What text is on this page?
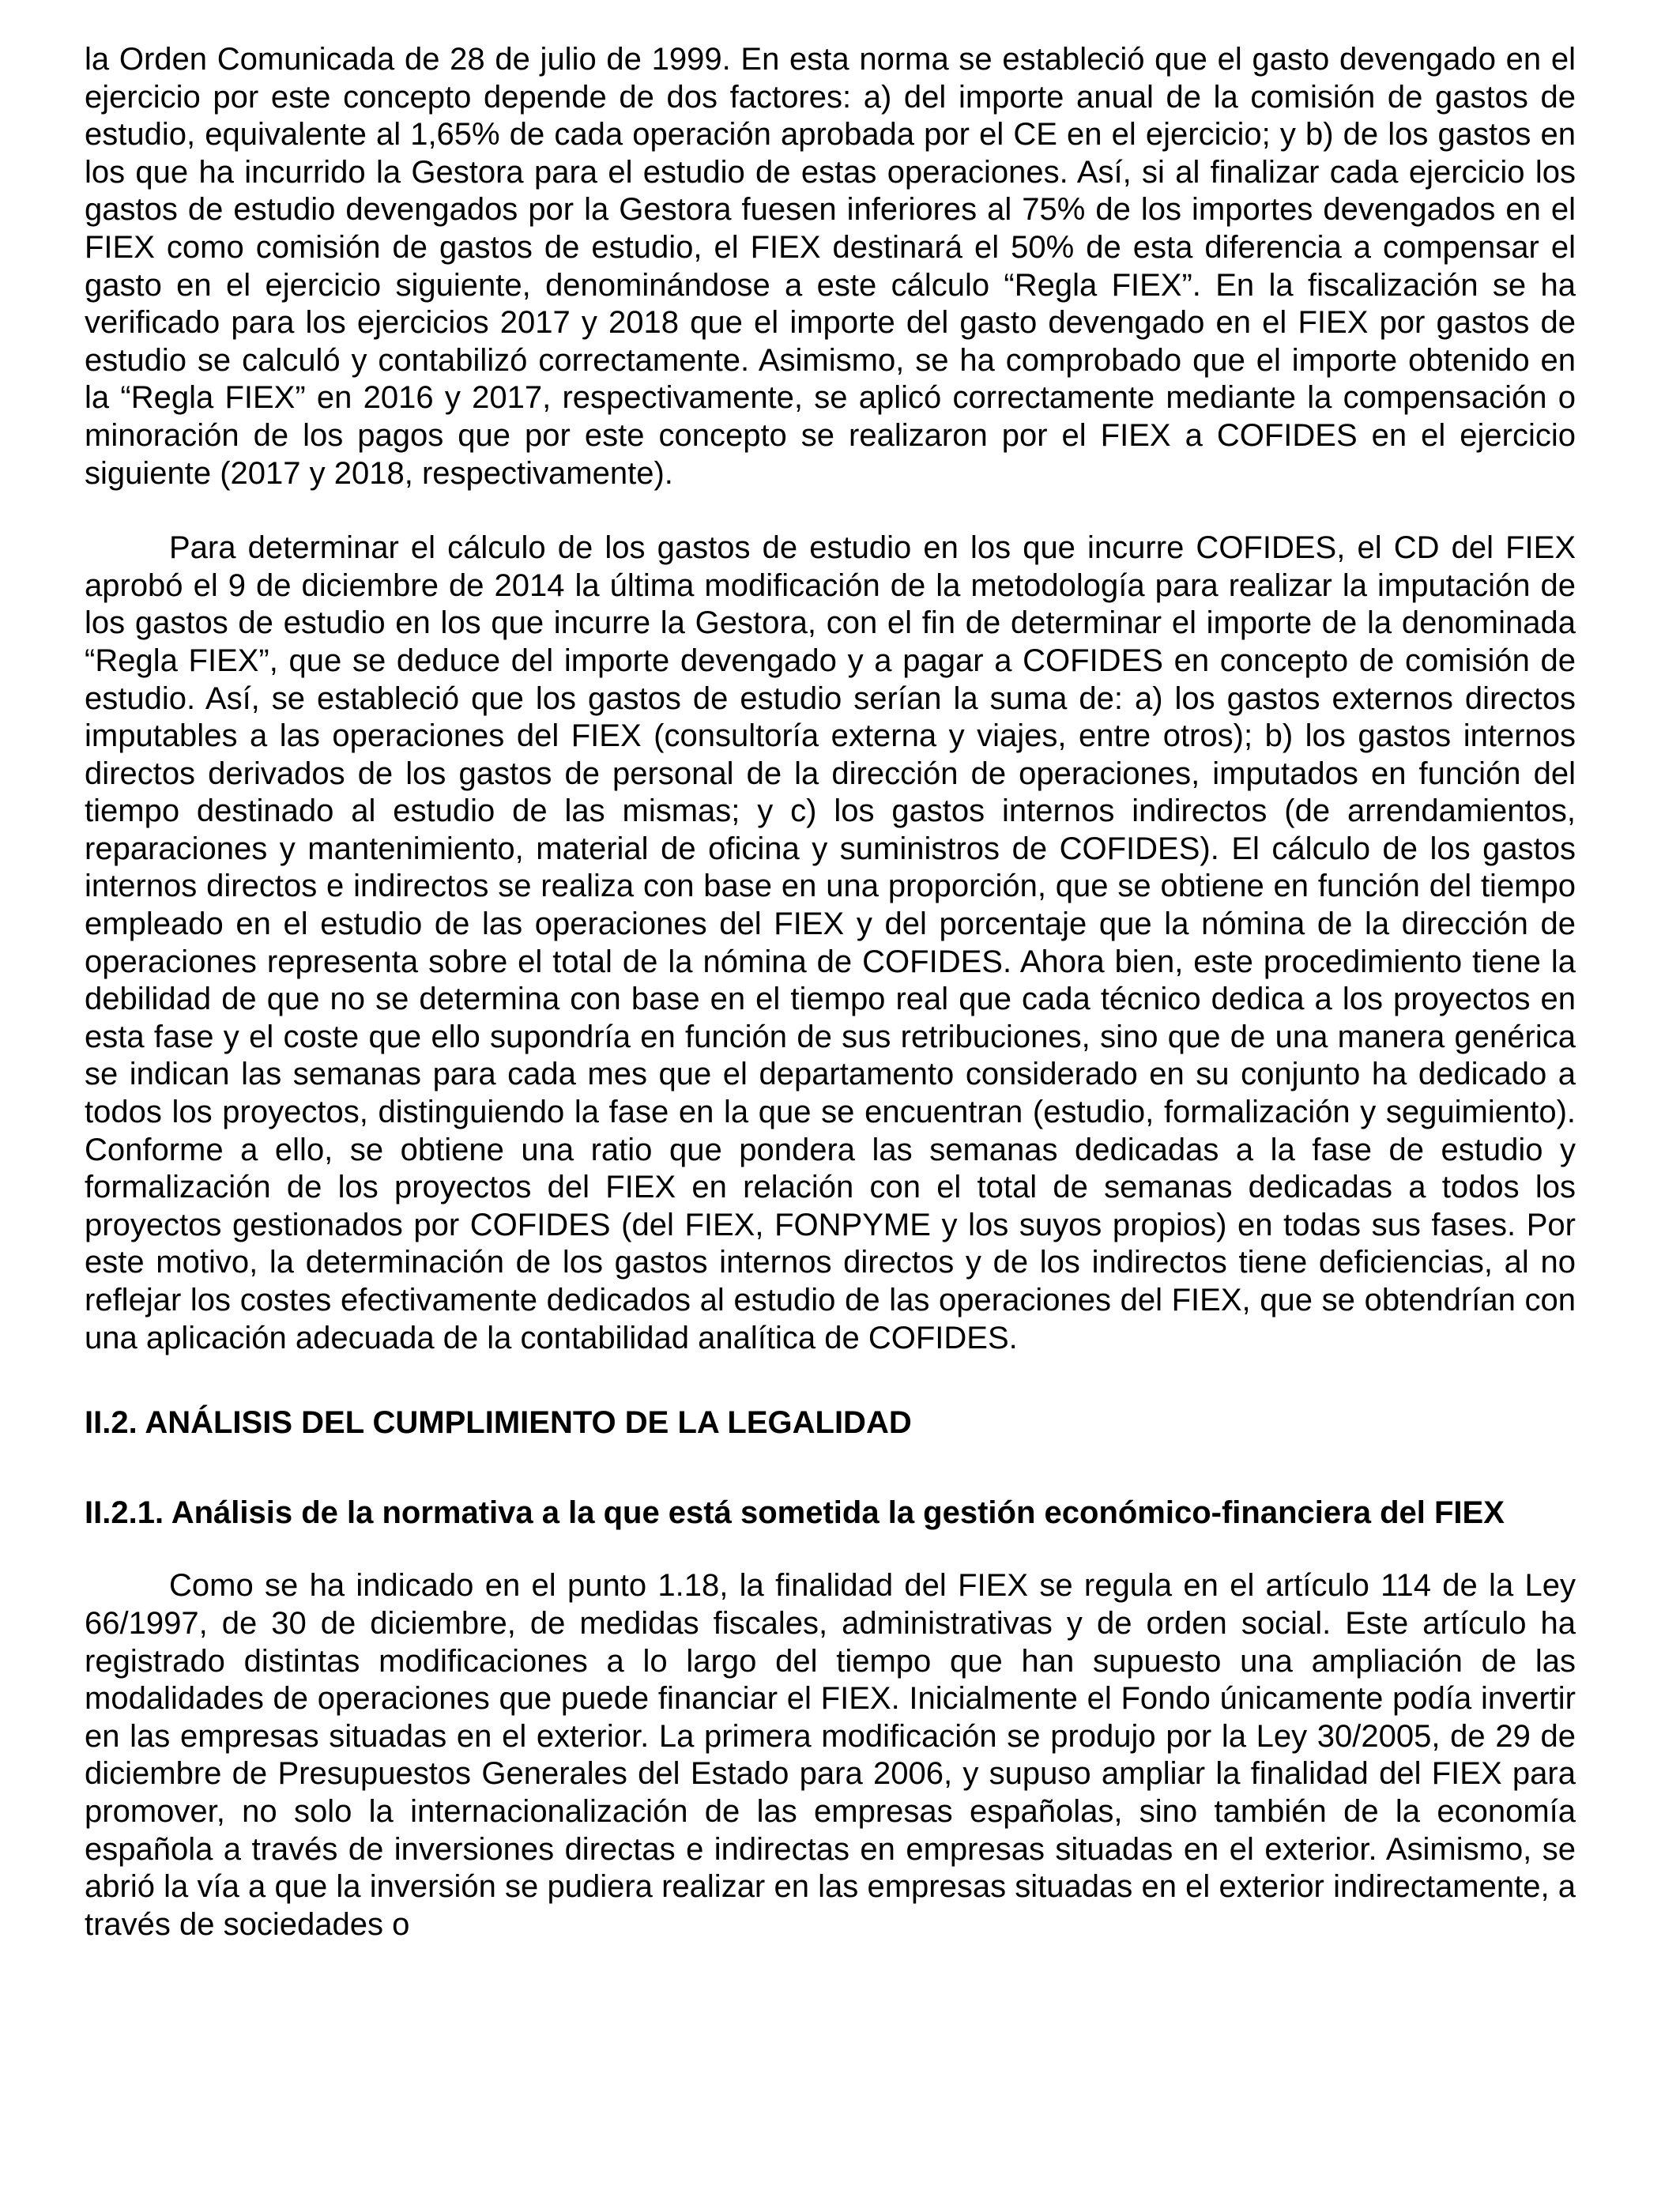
la Orden Comunicada de 28 de julio de 1999. En esta norma se estableció que el gasto devengado en el ejercicio por este concepto depende de dos factores: a) del importe anual de la comisión de gastos de estudio, equivalente al 1,65% de cada operación aprobada por el CE en el ejercicio; y b) de los gastos en los que ha incurrido la Gestora para el estudio de estas operaciones. Así, si al finalizar cada ejercicio los gastos de estudio devengados por la Gestora fuesen inferiores al 75% de los importes devengados en el FIEX como comisión de gastos de estudio, el FIEX destinará el 50% de esta diferencia a compensar el gasto en el ejercicio siguiente, denominándose a este cálculo “Regla FIEX”. En la fiscalización se ha verificado para los ejercicios 2017 y 2018 que el importe del gasto devengado en el FIEX por gastos de estudio se calculó y contabilizó correctamente. Asimismo, se ha comprobado que el importe obtenido en la “Regla FIEX” en 2016 y 2017, respectivamente, se aplicó correctamente mediante la compensación o minoración de los pagos que por este concepto se realizaron por el FIEX a COFIDES en el ejercicio siguiente (2017 y 2018, respectivamente).

Para determinar el cálculo de los gastos de estudio en los que incurre COFIDES, el CD del FIEX aprobó el 9 de diciembre de 2014 la última modificación de la metodología para realizar la imputación de los gastos de estudio en los que incurre la Gestora, con el fin de determinar el importe de la denominada “Regla FIEX”, que se deduce del importe devengado y a pagar a COFIDES en concepto de comisión de estudio. Así, se estableció que los gastos de estudio serían la suma de: a) los gastos externos directos imputables a las operaciones del FIEX (consultoría externa y viajes, entre otros); b) los gastos internos directos derivados de los gastos de personal de la dirección de operaciones, imputados en función del tiempo destinado al estudio de las mismas; y c) los gastos internos indirectos (de arrendamientos, reparaciones y mantenimiento, material de oficina y suministros de COFIDES). El cálculo de los gastos internos directos e indirectos se realiza con base en una proporción, que se obtiene en función del tiempo empleado en el estudio de las operaciones del FIEX y del porcentaje que la nómina de la dirección de operaciones representa sobre el total de la nómina de COFIDES. Ahora bien, este procedimiento tiene la debilidad de que no se determina con base en el tiempo real que cada técnico dedica a los proyectos en esta fase y el coste que ello supondría en función de sus retribuciones, sino que de una manera genérica se indican las semanas para cada mes que el departamento considerado en su conjunto ha dedicado a todos los proyectos, distinguiendo la fase en la que se encuentran (estudio, formalización y seguimiento). Conforme a ello, se obtiene una ratio que pondera las semanas dedicadas a la fase de estudio y formalización de los proyectos del FIEX en relación con el total de semanas dedicadas a todos los proyectos gestionados por COFIDES (del FIEX, FONPYME y los suyos propios) en todas sus fases. Por este motivo, la determinación de los gastos internos directos y de los indirectos tiene deficiencias, al no reflejar los costes efectivamente dedicados al estudio de las operaciones del FIEX, que se obtendrían con una aplicación adecuada de la contabilidad analítica de COFIDES.

II.2. ANÁLISIS DEL CUMPLIMIENTO DE LA LEGALIDAD
II.2.1. Análisis de la normativa a la que está sometida la gestión económico-financiera del FIEX

Como se ha indicado en el punto 1.18, la finalidad del FIEX se regula en el artículo 114 de la Ley 66/1997, de 30 de diciembre, de medidas fiscales, administrativas y de orden social. Este artículo ha registrado distintas modificaciones a lo largo del tiempo que han supuesto una ampliación de las modalidades de operaciones que puede financiar el FIEX. Inicialmente el Fondo únicamente podía invertir en las empresas situadas en el exterior. La primera modificación se produjo por la Ley 30/2005, de 29 de diciembre de Presupuestos Generales del Estado para 2006, y supuso ampliar la finalidad del FIEX para promover, no solo la internacionalización de las empresas españolas, sino también de la economía española a través de inversiones directas e indirectas en empresas situadas en el exterior. Asimismo, se abrió la vía a que la inversión se pudiera realizar en las empresas situadas en el exterior indirectamente, a través de sociedades o
